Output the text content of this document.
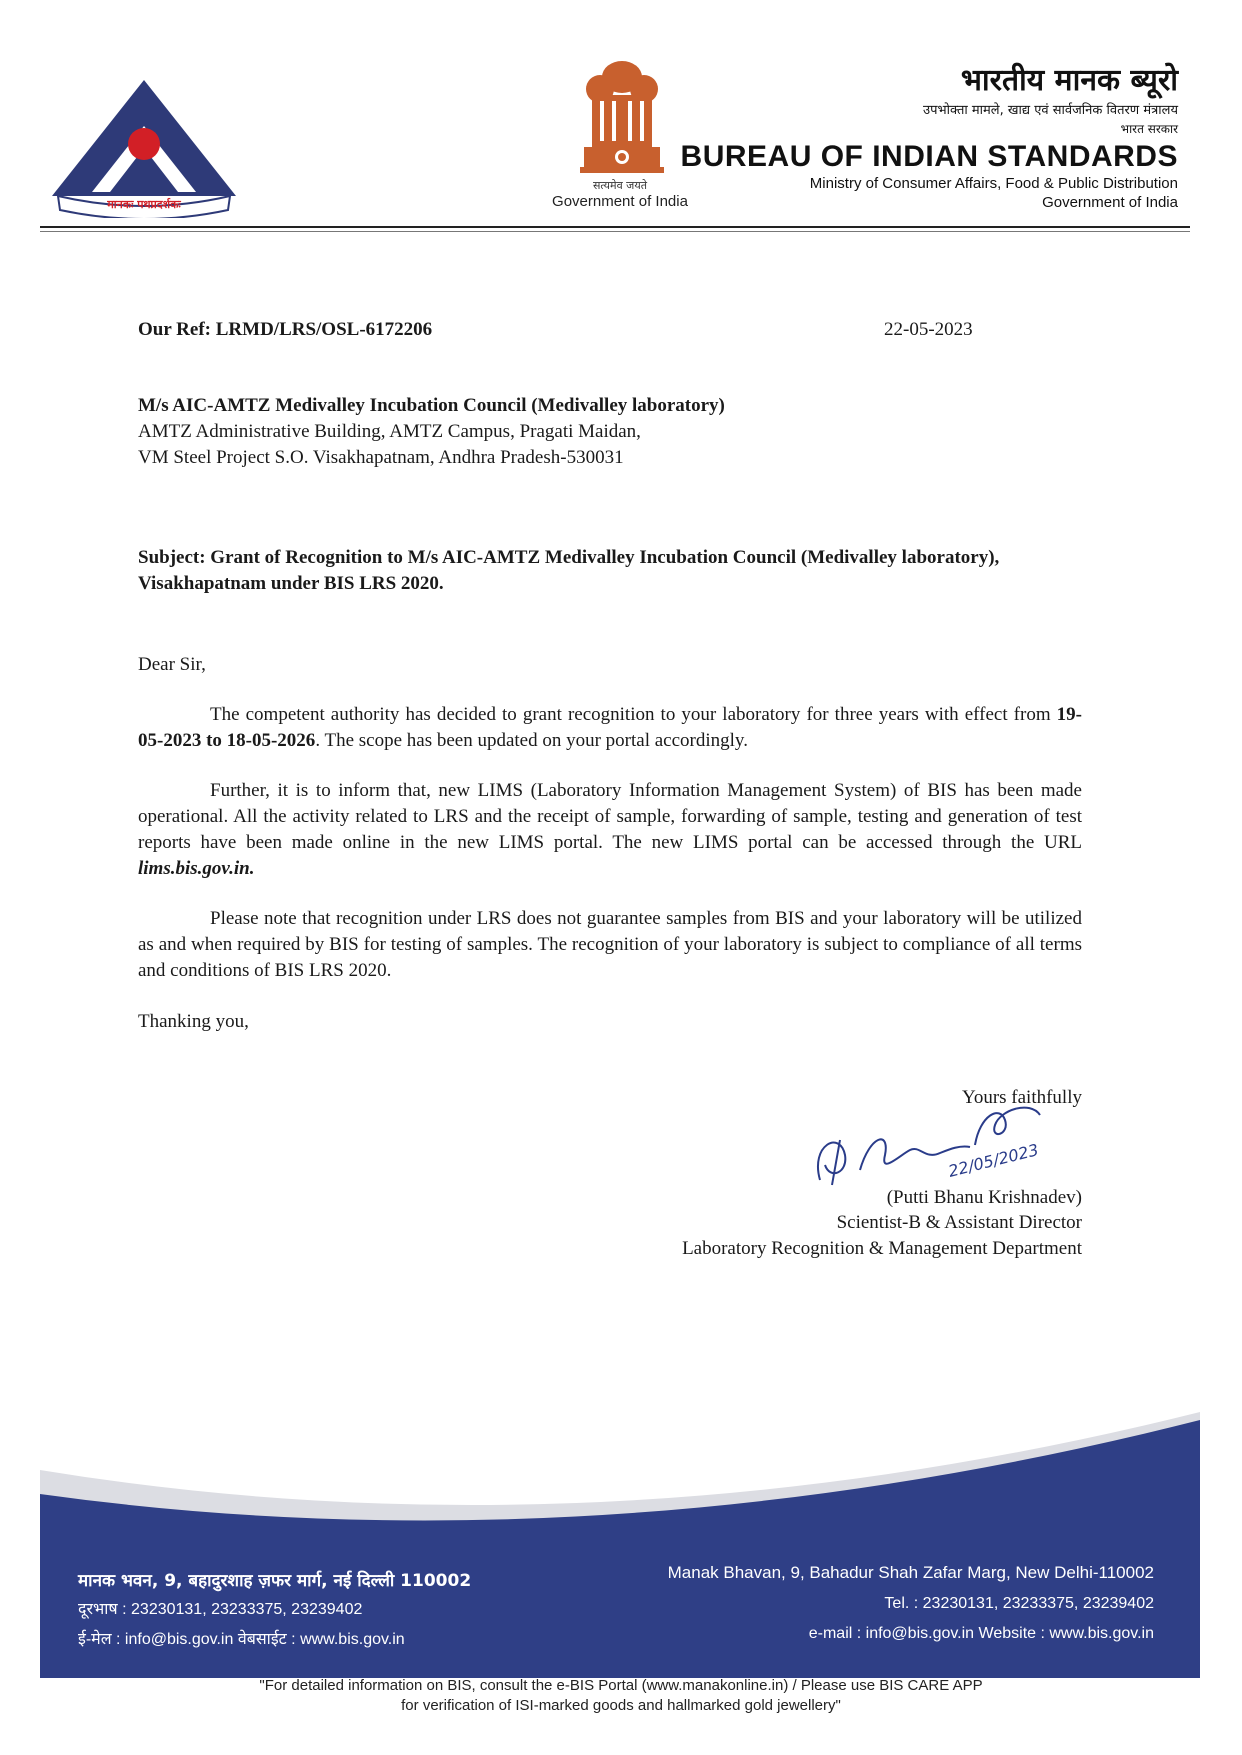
मानकः पथप्रदर्शकः
सत्यमेव जयते
Government of India
भारतीय मानक ब्यूरो
उपभोक्ता मामले, खाद्य एवं सार्वजनिक वितरण मंत्रालय
भारत सरकार
BUREAU OF INDIAN STANDARDS
Ministry of Consumer Affairs, Food & Public Distribution
Government of India
Our Ref: LRMD/LRS/OSL-6172206	22-05-2023
M/s AIC-AMTZ Medivalley Incubation Council (Medivalley laboratory)
AMTZ Administrative Building, AMTZ Campus, Pragati Maidan,
VM Steel Project S.O. Visakhapatnam, Andhra Pradesh-530031
Subject: Grant of Recognition to M/s AIC-AMTZ Medivalley Incubation Council (Medivalley laboratory), Visakhapatnam under BIS LRS 2020.
Dear Sir,
The competent authority has decided to grant recognition to your laboratory for three years with effect from 19-05-2023 to 18-05-2026. The scope has been updated on your portal accordingly.
Further, it is to inform that, new LIMS (Laboratory Information Management System) of BIS has been made operational. All the activity related to LRS and the receipt of sample, forwarding of sample, testing and generation of test reports have been made online in the new LIMS portal. The new LIMS portal can be accessed through the URL lims.bis.gov.in.
Please note that recognition under LRS does not guarantee samples from BIS and your laboratory will be utilized as and when required by BIS for testing of samples. The recognition of your laboratory is subject to compliance of all terms and conditions of BIS LRS 2020.
Thanking you,
Yours faithfully
22/05/2023
(Putti Bhanu Krishnadev)
Scientist-B & Assistant Director
Laboratory Recognition & Management Department
मानक भवन, 9, बहादुरशाह ज़फर मार्ग, नई दिल्ली 110002
दूरभाष : 23230131, 23233375, 23239402
ई-मेल : info@bis.gov.in वेबसाईट : www.bis.gov.in
Manak Bhavan, 9, Bahadur Shah Zafar Marg, New Delhi-110002
Tel. : 23230131, 23233375, 23239402
e-mail : info@bis.gov.in Website : www.bis.gov.in
"For detailed information on BIS, consult the e-BIS Portal (www.manakonline.in) / Please use BIS CARE APP
for verification of ISI-marked goods and hallmarked gold jewellery"
